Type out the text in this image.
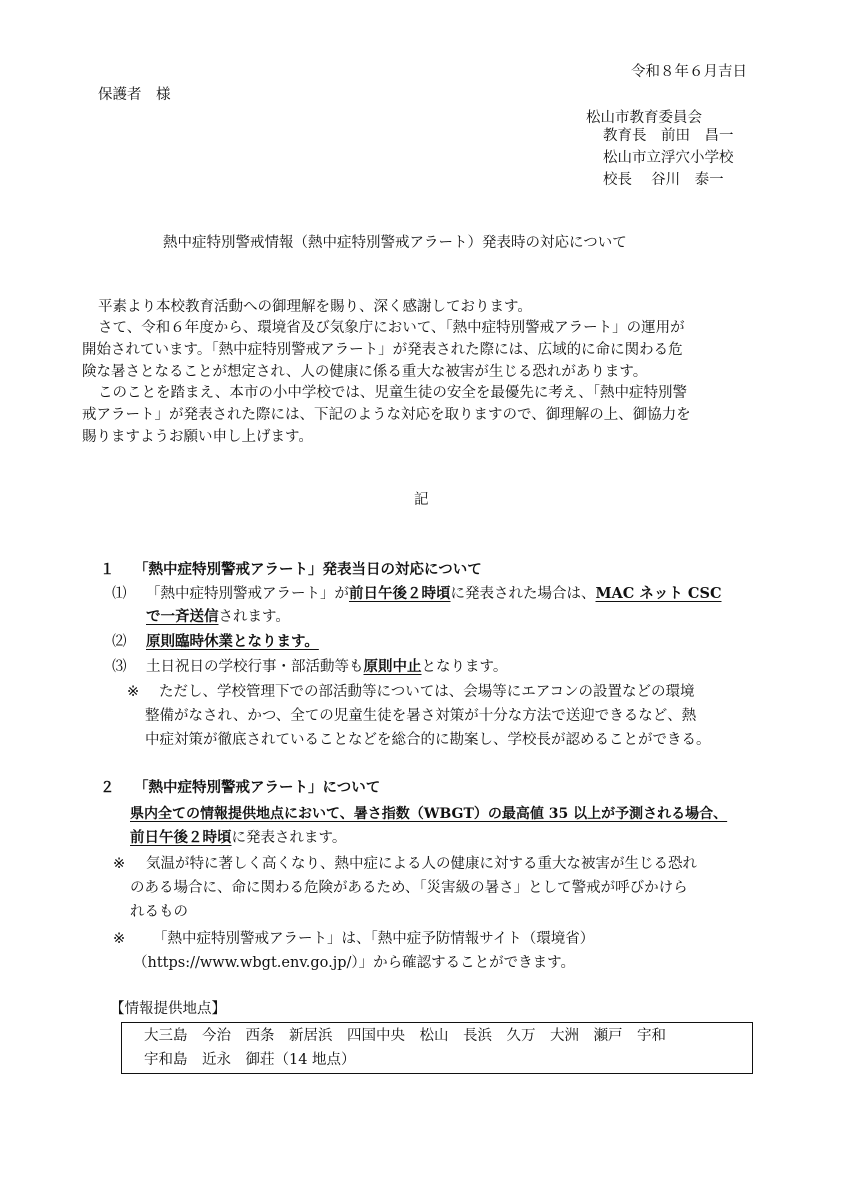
令和８年６月吉日
保護者　様
松山市教育委員会
教育長　前田　昌一
松山市立浮穴小学校
校長　 谷川　泰一
熱中症特別警戒情報（熱中症特別警戒アラート）発表時の対応について
平素より本校教育活動への御理解を賜り、深く感謝しております。
さて、令和６年度から、環境省及び気象庁において、「熱中症特別警戒アラート」の運用が
開始されています。「熱中症特別警戒アラート」が発表された際には、広域的に命に関わる危
険な暑さとなることが想定され、人の健康に係る重大な被害が生じる恐れがあります。
このことを踏まえ、本市の小中学校では、児童生徒の安全を最優先に考え、「熱中症特別警
戒アラート」が発表された際には、下記のような対応を取りますので、御理解の上、御協力を
賜りますようお願い申し上げます。
記
１ 「熱中症特別警戒アラート」発表当日の対応について
⑴ 「熱中症特別警戒アラート」が前日午後２時頃に発表された場合は、MAC ネット CSC
で一斉送信されます。
⑵ 原則臨時休業となります。
⑶ 土日祝日の学校行事・部活動等も原則中止となります。
※ ただし、学校管理下での部活動等については、会場等にエアコンの設置などの環境
整備がなされ、かつ、全ての児童生徒を暑さ対策が十分な方法で送迎できるなど、熱
中症対策が徹底されていることなどを総合的に勘案し、学校長が認めることができる。
２ 「熱中症特別警戒アラート」について
県内全ての情報提供地点において、暑さ指数（WBGT）の最高値 35 以上が予測される場合、
前日午後２時頃に発表されます。
※ 気温が特に著しく高くなり、熱中症による人の健康に対する重大な被害が生じる恐れ
のある場合に、命に関わる危険があるため、「災害級の暑さ」として警戒が呼びかけら
れるもの
※ 「熱中症特別警戒アラート」は、「熱中症予防情報サイト（環境省）
（https://www.wbgt.env.go.jp/）」から確認することができます。
【情報提供地点】
大三島　今治　西条　新居浜　四国中央　松山　長浜　久万　大洲　瀬戸　宇和
宇和島　近永　御荘（14 地点）
